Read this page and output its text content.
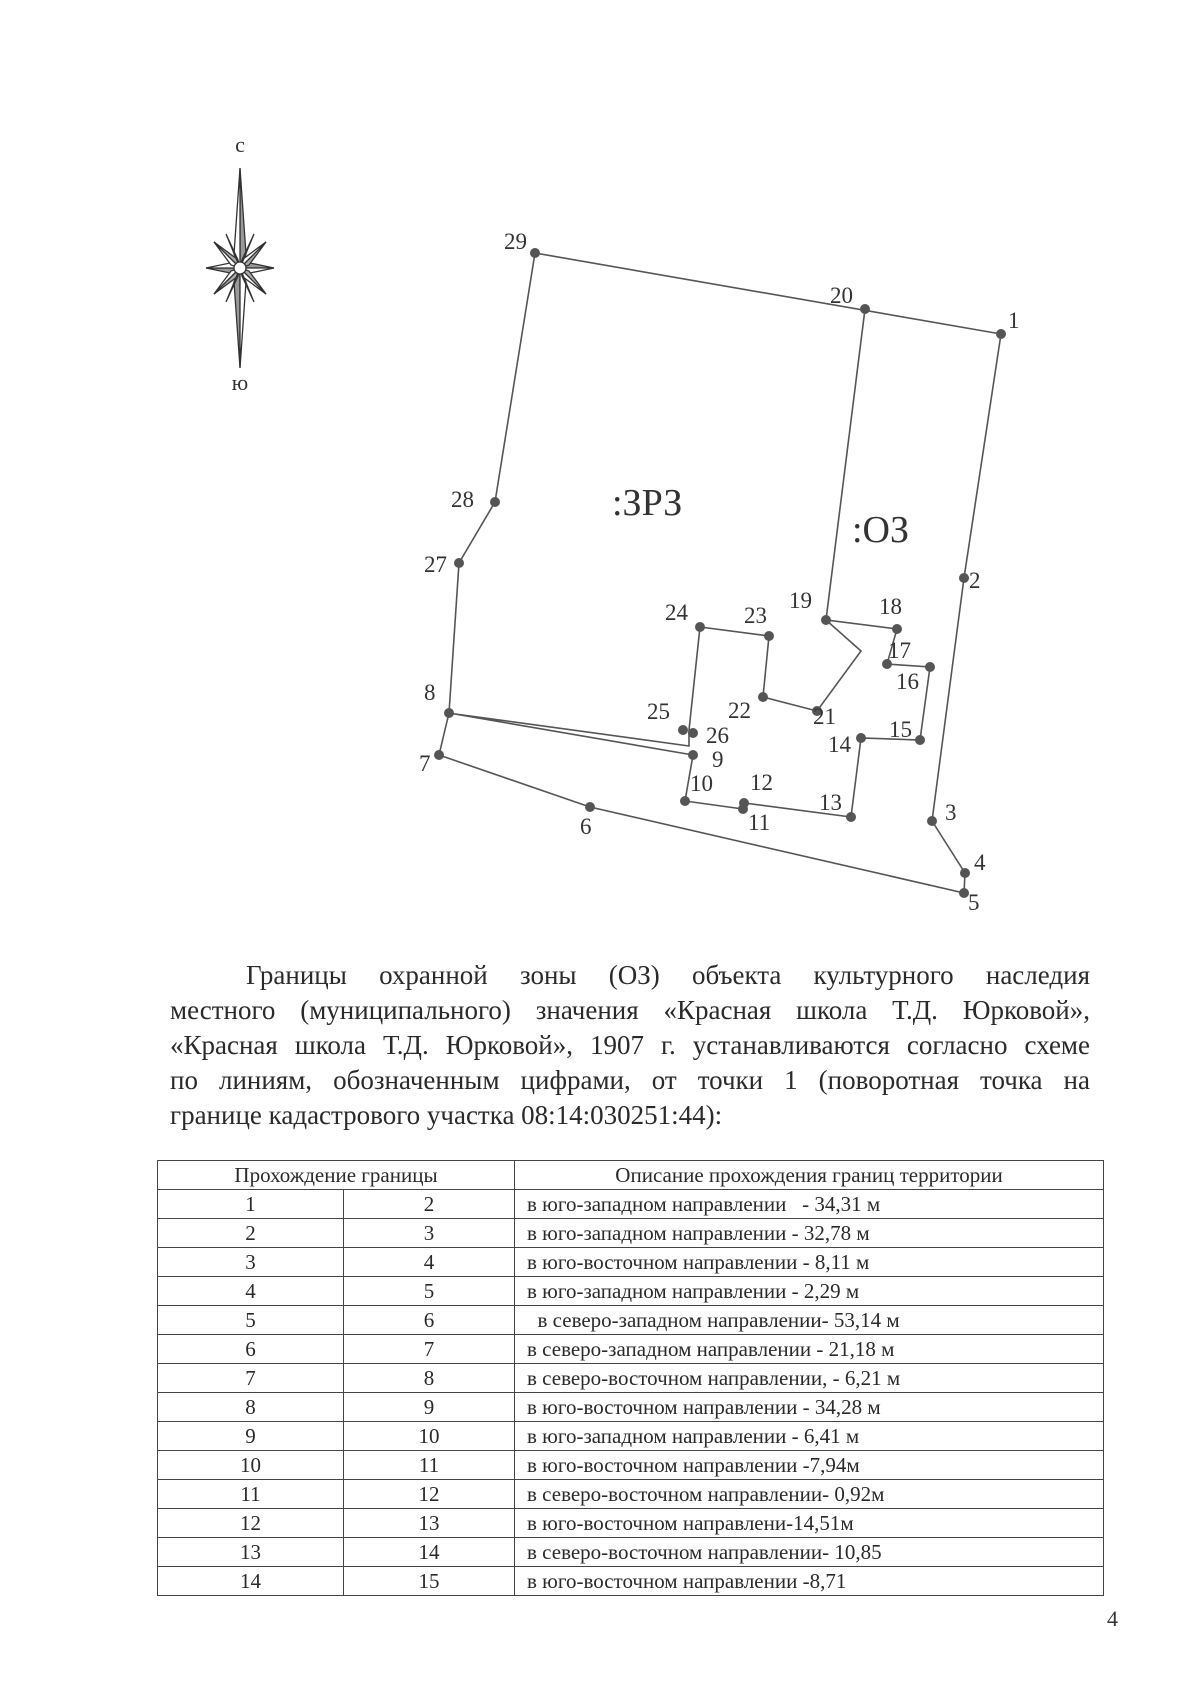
с
ю
1
2
3
4
5
6
7
8
9
10
11
12
13
14
15
16
17
18
19
20
21
22
23
24
25
26
27
28
29
:ЗРЗ
:ОЗ
Границы охранной зоны (ОЗ) объекта культурного наследия
местного (муниципального) значения «Красная школа Т.Д. Юрковой»,
«Красная школа Т.Д. Юрковой», 1907 г. устанавливаются согласно схеме
по линиям, обозначенным цифрами, от точки 1 (поворотная точка на
границе кадастрового участка 08:14:030251:44):
Прохождение границы		Описание прохождения границ территории
1	2	в юго-западном направлении   - 34,31 м
2	3	в юго-западном направлении - 32,78 м
3	4	в юго-восточном направлении - 8,11 м
4	5	в юго-западном направлении - 2,29 м
5	6	в северо-западном направлении- 53,14 м
6	7	в северо-западном направлении - 21,18 м
7	8	в северо-восточном направлении, - 6,21 м
8	9	в юго-восточном направлении - 34,28 м
9	10	в юго-западном направлении - 6,41 м
10	11	в юго-восточном направлении -7,94м
11	12	в северо-восточном направлении- 0,92м
12	13	в юго-восточном направлени-14,51м
13	14	в северо-восточном направлении- 10,85
14	15	в юго-восточном направлении -8,71
4
